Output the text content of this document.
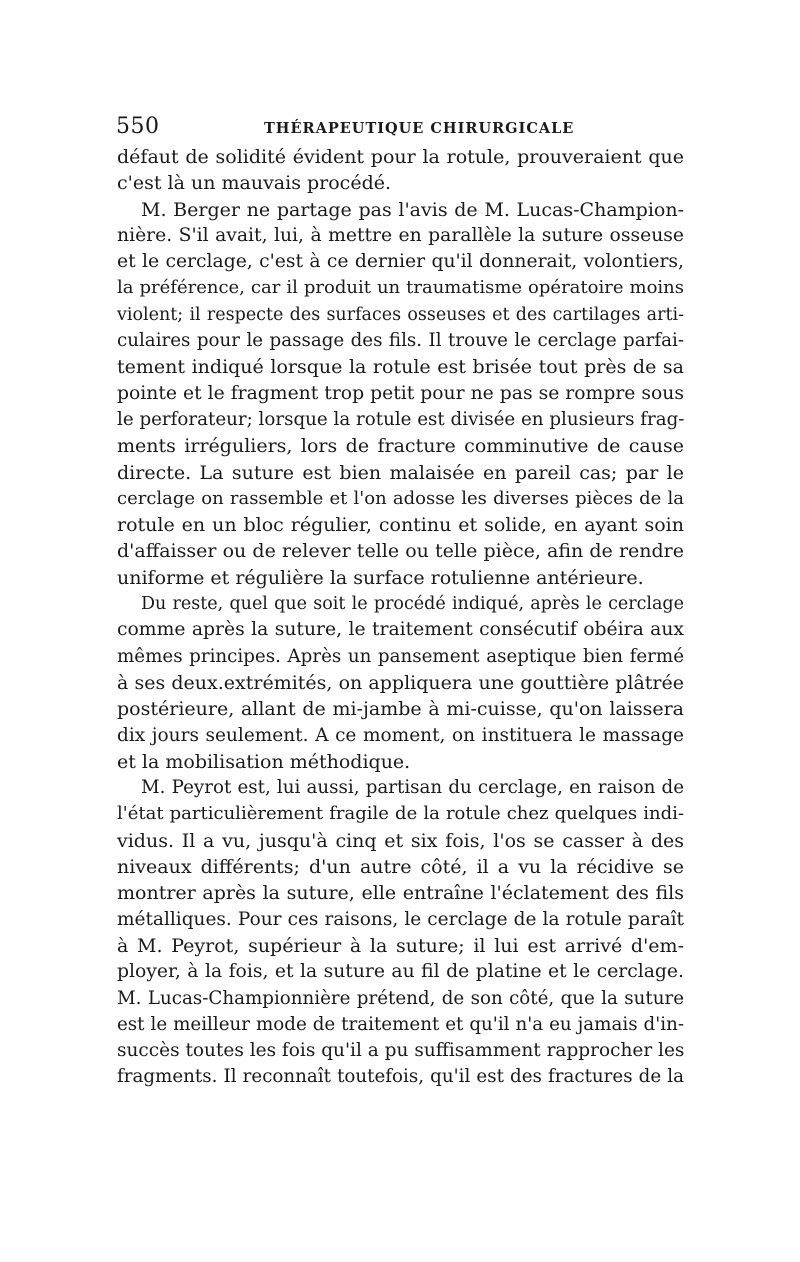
550	THÉRAPEUTIQUE CHIRURGICALE
défaut de solidité évident pour la rotule, prouveraient que
c'est là un mauvais procédé.
M. Berger ne partage pas l'avis de M. Lucas-Champion-
nière. S'il avait, lui, à mettre en parallèle la suture osseuse
et le cerclage, c'est à ce dernier qu'il donnerait, volontiers,
la préférence, car il produit un traumatisme opératoire moins
violent; il respecte des surfaces osseuses et des cartilages arti-
culaires pour le passage des fils. Il trouve le cerclage parfai-
tement indiqué lorsque la rotule est brisée tout près de sa
pointe et le fragment trop petit pour ne pas se rompre sous
le perforateur; lorsque la rotule est divisée en plusieurs frag-
ments irréguliers, lors de fracture comminutive de cause
directe. La suture est bien malaisée en pareil cas; par le
cerclage on rassemble et l'on adosse les diverses pièces de la
rotule en un bloc régulier, continu et solide, en ayant soin
d'affaisser ou de relever telle ou telle pièce, afin de rendre
uniforme et régulière la surface rotulienne antérieure.
Du reste, quel que soit le procédé indiqué, après le cerclage
comme après la suture, le traitement consécutif obéira aux
mêmes principes. Après un pansement aseptique bien fermé
à ses deux.extrémités, on appliquera une gouttière plâtrée
postérieure, allant de mi-jambe à mi-cuisse, qu'on laissera
dix jours seulement. A ce moment, on instituera le massage
et la mobilisation méthodique.
M. Peyrot est, lui aussi, partisan du cerclage, en raison de
l'état particulièrement fragile de la rotule chez quelques indi-
vidus. Il a vu, jusqu'à cinq et six fois, l'os se casser à des
niveaux différents; d'un autre côté, il a vu la récidive se
montrer après la suture, elle entraîne l'éclatement des fils
métalliques. Pour ces raisons, le cerclage de la rotule paraît
à M. Peyrot, supérieur à la suture; il lui est arrivé d'em-
ployer, à la fois, et la suture au fil de platine et le cerclage.
M. Lucas-Championnière prétend, de son côté, que la suture
est le meilleur mode de traitement et qu'il n'a eu jamais d'in-
succès toutes les fois qu'il a pu suffisamment rapprocher les
fragments. Il reconnaît toutefois, qu'il est des fractures de la
